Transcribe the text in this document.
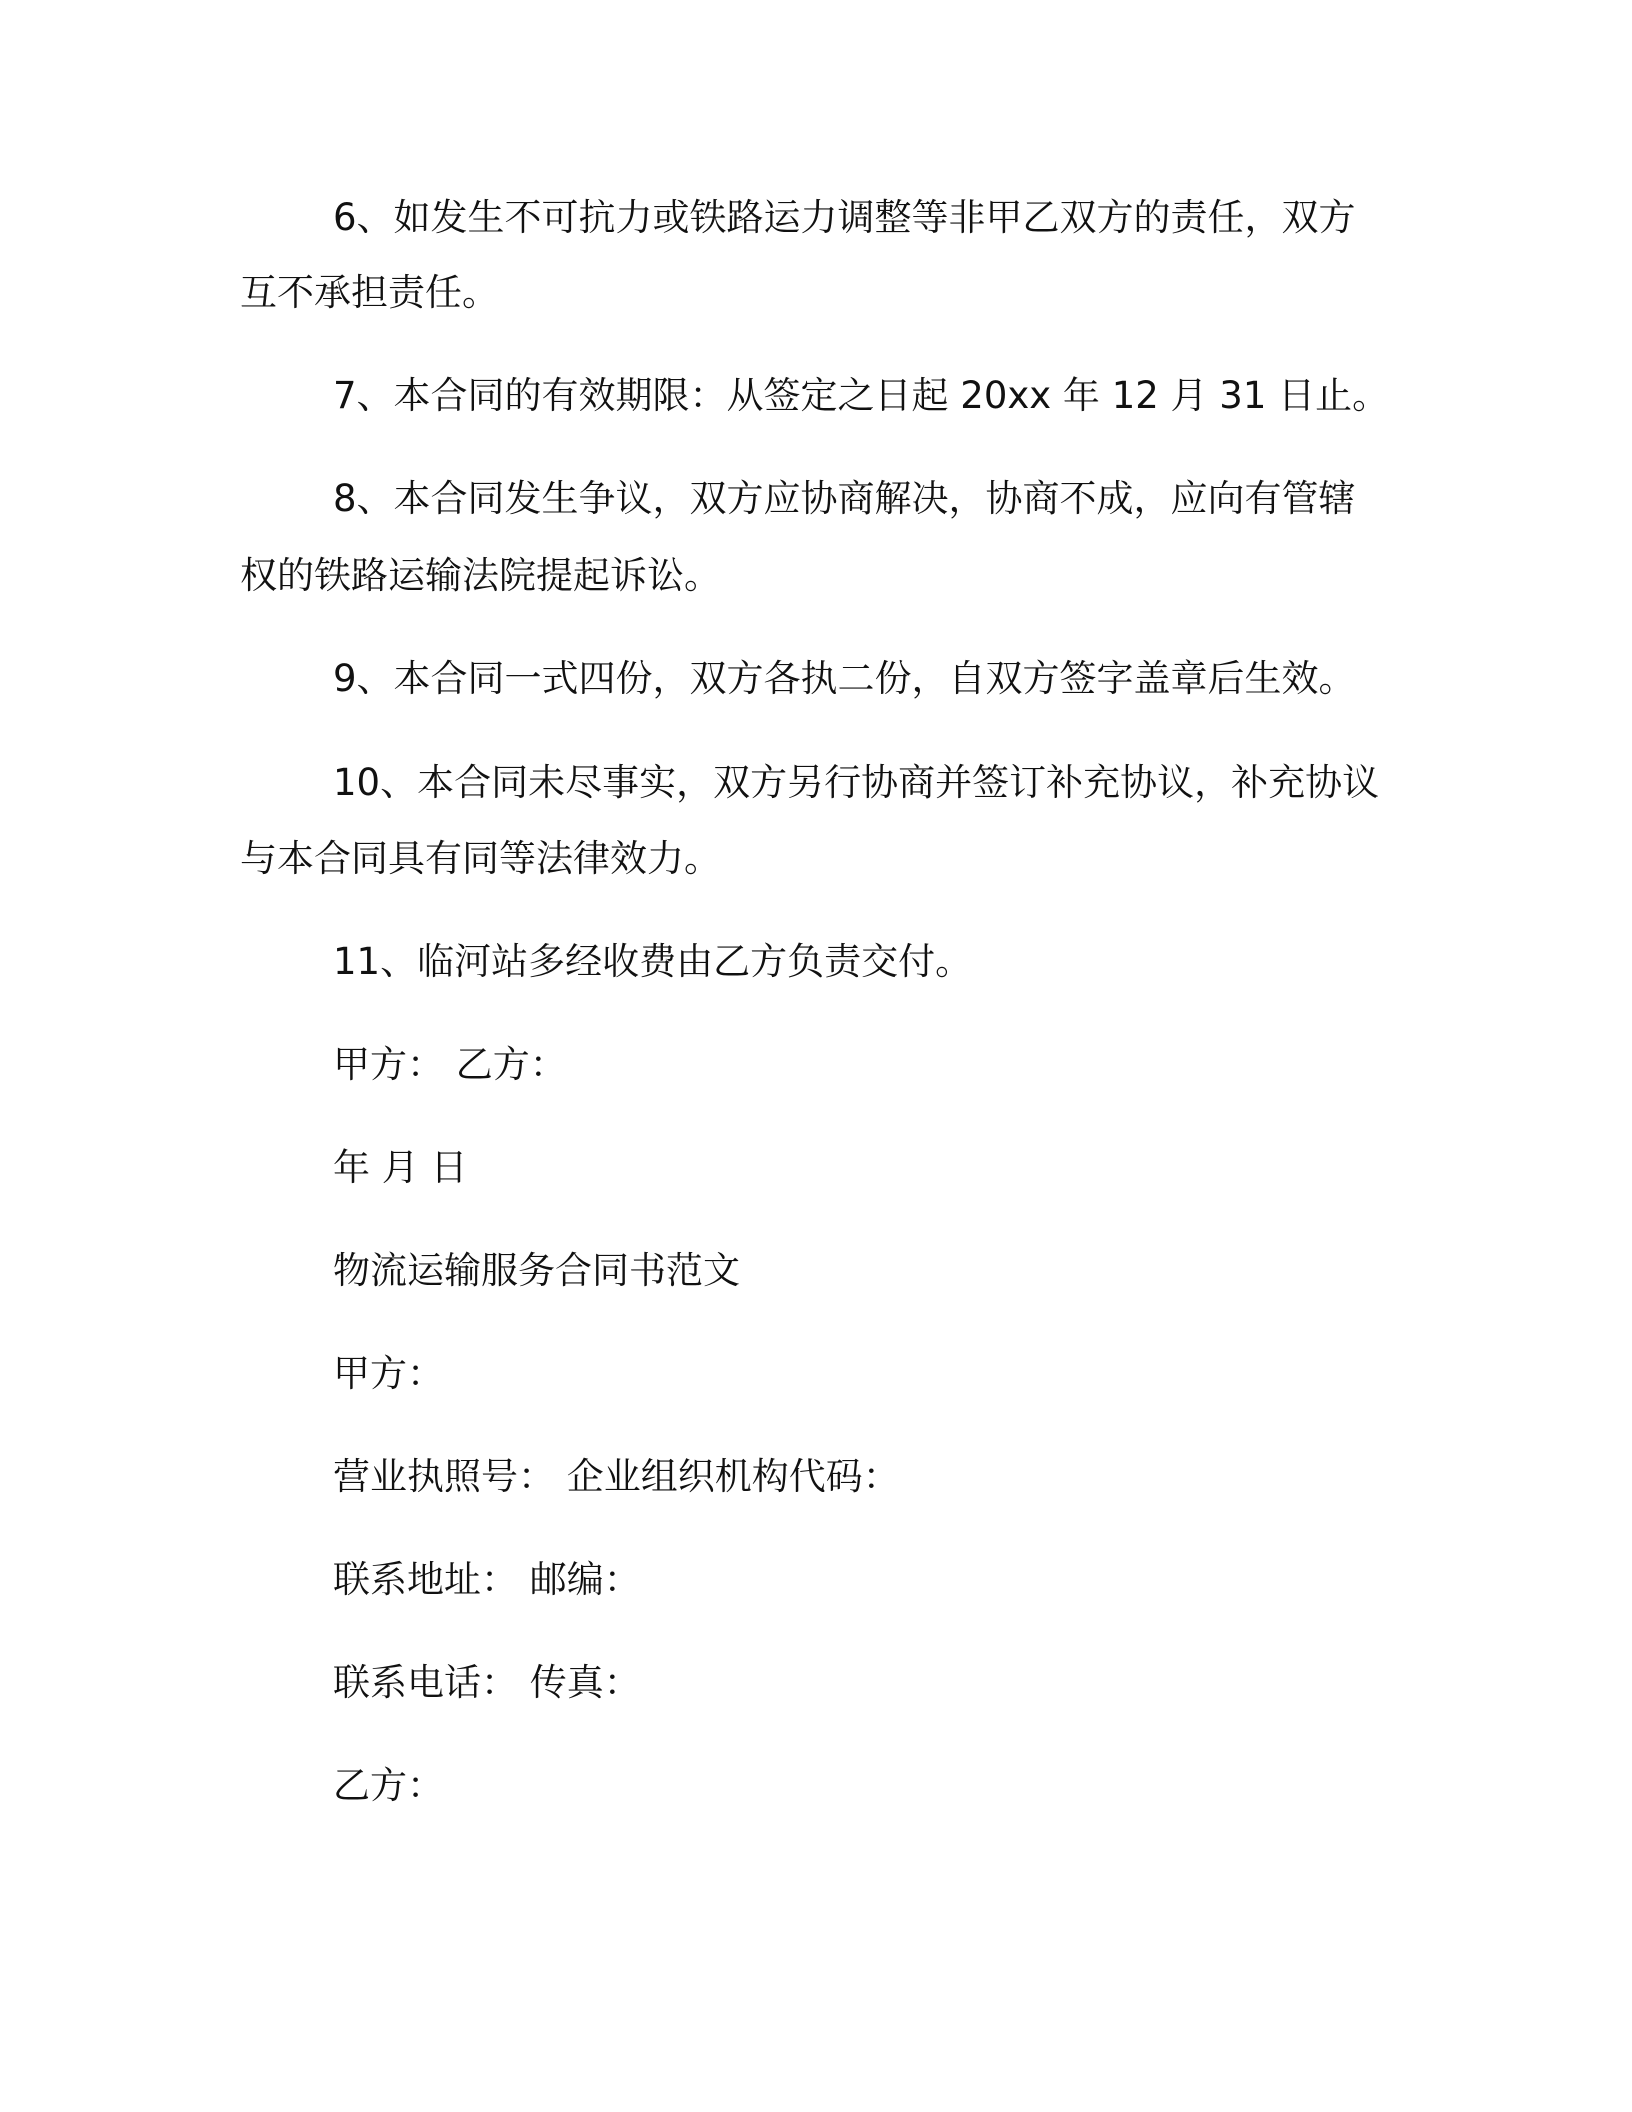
6、如发生不可抗力或铁路运力调整等非甲乙双方的责任，双方
互不承担责任。
7、本合同的有效期限：从签定之日起 20xx 年 12 月 31 日止。
8、本合同发生争议，双方应协商解决，协商不成，应向有管辖
权的铁路运输法院提起诉讼。
9、本合同一式四份，双方各执二份，自双方签字盖章后生效。
10、本合同未尽事实，双方另行协商并签订补充协议，补充协议
与本合同具有同等法律效力。
11、临河站多经收费由乙方负责交付。
甲方： 乙方：
年 月 日
物流运输服务合同书范文
甲方：
营业执照号： 企业组织机构代码：
联系地址： 邮编：
联系电话： 传真：
乙方：
